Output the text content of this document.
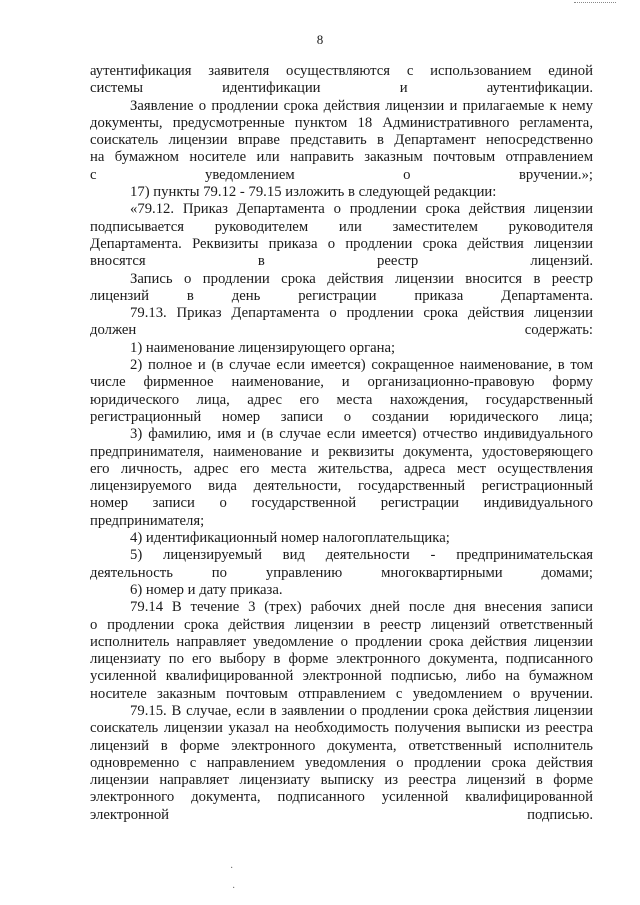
8

аутентификация заявителя осуществляются с использованием единой
системы идентификации и аутентификации.

Заявление о продлении срока действия лицензии и прилагаемые к нему
документы, предусмотренные пунктом 18 Административного регламента,
соискатель лицензии вправе представить в Департамент непосредственно
на бумажном носителе или направить заказным почтовым отправлением
с уведомлением о вручении.»;

17) пункты 79.12 - 79.15 изложить в следующей редакции:

«79.12. Приказ Департамента о продлении срока действия лицензии
подписывается руководителем или заместителем руководителя
Департамента. Реквизиты приказа о продлении срока действия лицензии
вносятся в реестр лицензий.

Запись о продлении срока действия лицензии вносится в реестр
лицензий в день регистрации приказа Департамента.

79.13. Приказ Департамента о продлении срока действия лицензии
должен содержать:

1) наименование лицензирующего органа;

2) полное и (в случае если имеется) сокращенное наименование, в том
числе фирменное наименование, и организационно-правовую форму
юридического лица, адрес его места нахождения, государственный
регистрационный номер записи о создании юридического лица;

3) фамилию, имя и (в случае если имеется) отчество индивидуального
предпринимателя, наименование и реквизиты документа, удостоверяющего
его личность, адрес его места жительства, адреса мест осуществления
лицензируемого вида деятельности, государственный регистрационный
номер записи о государственной регистрации индивидуального
предпринимателя;

4) идентификационный номер налогоплательщика;

5) лицензируемый вид деятельности - предпринимательская
деятельность по управлению многоквартирными домами;

6) номер и дату приказа.

79.14 В течение 3 (трех) рабочих дней после дня внесения записи
о продлении срока действия лицензии в реестр лицензий ответственный
исполнитель направляет уведомление о продлении срока действия лицензии
лицензиату по его выбору в форме электронного документа, подписанного
усиленной квалифицированной электронной подписью, либо на бумажном
носителе заказным почтовым отправлением с уведомлением о вручении.

79.15. В случае, если в заявлении о продлении срока действия лицензии
соискатель лицензии указал на необходимость получения выписки из реестра
лицензий в форме электронного документа, ответственный исполнитель
одновременно с направлением уведомления о продлении срока действия
лицензии направляет лицензиату выписку из реестра лицензий в форме
электронного документа, подписанного усиленной квалифицированной
электронной подписью.

·
·
